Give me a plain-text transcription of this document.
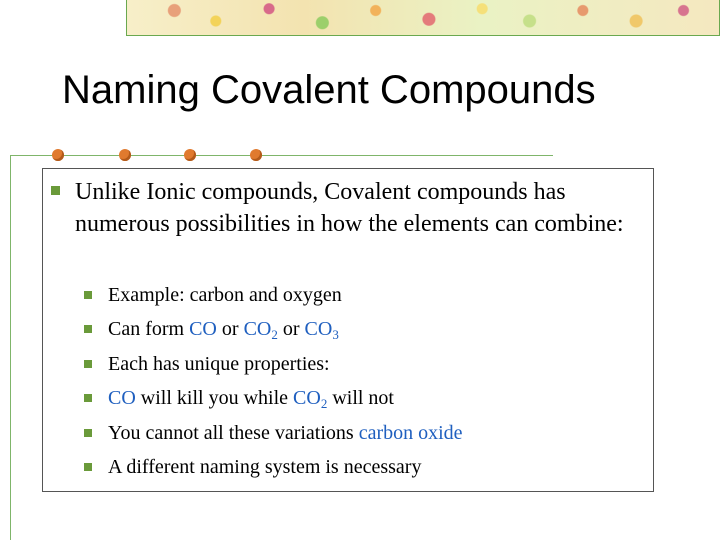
Naming Covalent Compounds
Unlike Ionic compounds, Covalent compounds has numerous possibilities in how the elements can combine:
Example: carbon and oxygen
Can form CO or $CO_2$ or $CO_3$
Each has unique properties:
CO will kill you while $CO_2$ will not
You cannot all these variations carbon oxide
A different naming system is necessary
